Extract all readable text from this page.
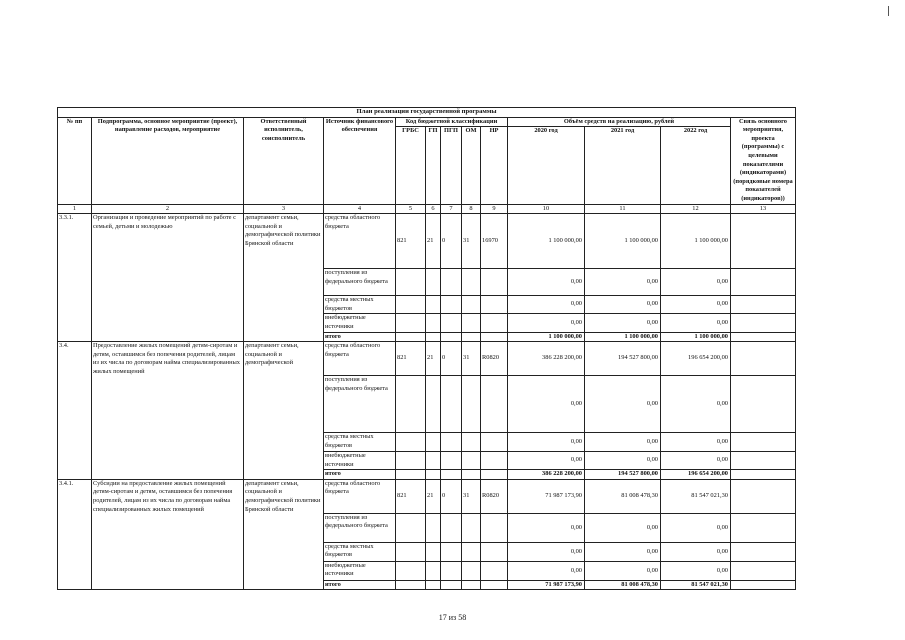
План реализации государственной программы												
№ пп	Подпрограмма, основное мероприятие (проект), направление расходов, мероприятие	Ответственный исполнитель, соисполнитель	Источник финансового обеспечения	Код бюджетной классификации					Объём средств на реализацию, рублей			Связь основного мероприятия, проекта (программы) с целевыми показателями (индикаторами) (порядковые номера показателей (индикаторов))
				ГРБС	ГП	ПГП	ОМ	НР	2020 год	2021 год	2022 год	
1	2	3	4	5	6	7	8	9	10	11	12	13
3.3.1.	Организация и проведение мероприятий по работе с семьей, детьми и молодежью	департамент семьи, социальной и демографической политики Брянской области	средства областного бюджета	821	21	0	31	16970	1 100 000,00	1 100 000,00	1 100 000,00	
			поступления из федерального бюджета						0,00	0,00	0,00	
			средства местных бюджетов						0,00	0,00	0,00	
			внебюджетные источники						0,00	0,00	0,00	
			итого						1 100 000,00	1 100 000,00	1 100 000,00	
3.4.	Предоставление жилых помещений детям-сиротам и детям, оставшимся без попечения родителей, лицам из их числа по договорам найма специализированных жилых помещений	департамент семьи, социальной и демографической	средства областного бюджета	821	21	0	31	R0820	386 228 200,00	194 527 800,00	196 654 200,00	
			поступления из федерального бюджета						0,00	0,00	0,00	
			средства местных бюджетов						0,00	0,00	0,00	
			внебюджетные источники						0,00	0,00	0,00	
			итого						386 228 200,00	194 527 800,00	196 654 200,00	
3.4.1.	Субсидии на предоставление жилых помещений детям-сиротам и детям, оставшимся без попечения родителей, лицам из их числа по договорам найма специализированных жилых помещений	департамент семьи, социальной и демографической политики Брянской области	средства областного бюджета	821	21	0	31	R0820	71 987 173,90	81 008 478,30	81 547 021,30	
			поступления из федерального бюджета						0,00	0,00	0,00	
			средства местных бюджетов						0,00	0,00	0,00	
			внебюджетные источники						0,00	0,00	0,00	
			итого						71 987 173,90	81 008 478,30	81 547 021,30	
17 из 58
